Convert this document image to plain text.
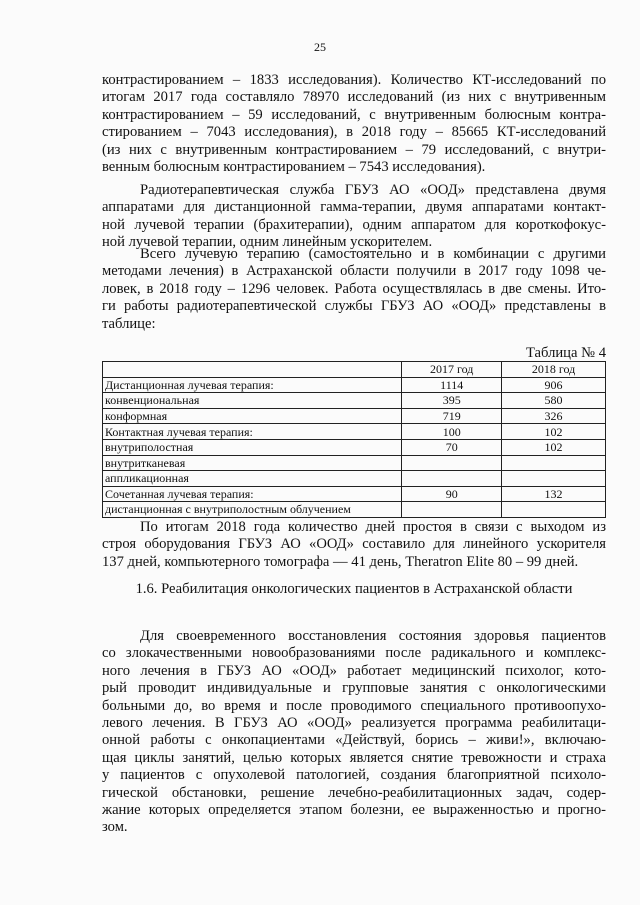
25

контрастированием – 1833 исследования). Количество КТ-исследований по
итогам 2017 года составляло 78970 исследований (из них с внутривенным
контрастированием – 59 исследований, с внутривенным болюсным контра-
стированием – 7043 исследования), в 2018 году – 85665 КТ-исследований
(из них с внутривенным контрастированием – 79 исследований, с внутри-
венным болюсным контрастированием – 7543 исследования).

Радиотерапевтическая служба ГБУЗ АО «ООД» представлена двумя
аппаратами для дистанционной гамма-терапии, двумя аппаратами контакт-
ной лучевой терапии (брахитерапии), одним аппаратом для короткофокус-
ной лучевой терапии, одним линейным ускорителем.

Всего лучевую терапию (самостоятельно и в комбинации с другими
методами лечения) в Астраханской области получили в 2017 году 1098 че-
ловек, в 2018 году – 1296 человек. Работа осуществлялась в две смены. Ито-
ги работы радиотерапевтической службы ГБУЗ АО «ООД» представлены в
таблице:

Таблица № 4
	2017 год	2018 год
Дистанционная лучевая терапия:	1114	906
конвенциональная	395	580
конформная	719	326
Контактная лучевая терапия:	100	102
внутриполостная	70	102
внутритканевая		
аппликационная		
Сочетанная лучевая терапия:	90	132
дистанционная с внутриполостным облучением		

По итогам 2018 года количество дней простоя в связи с выходом из
строя оборудования ГБУЗ АО «ООД» составило для линейного ускорителя
137 дней, компьютерного томографа — 41 день, Theratron Elite 80 – 99 дней.

1.6. Реабилитация онкологических пациентов в Астраханской области

Для своевременного восстановления состояния здоровья пациентов
со злокачественными новообразованиями после радикального и комплекс-
ного лечения в ГБУЗ АО «ООД» работает медицинский психолог, кото-
рый проводит индивидуальные и групповые занятия с онкологическими
больными до, во время и после проводимого специального противоопухо-
левого лечения. В ГБУЗ АО «ООД» реализуется программа реабилитаци-
онной работы с онкопациентами «Действуй, борись – живи!», включаю-
щая циклы занятий, целью которых является снятие тревожности и страха
у пациентов с опухолевой патологией, создания благоприятной психоло-
гической обстановки, решение лечебно-реабилитационных задач, содер-
жание которых определяется этапом болезни, ее выраженностью и прогно-
зом.
